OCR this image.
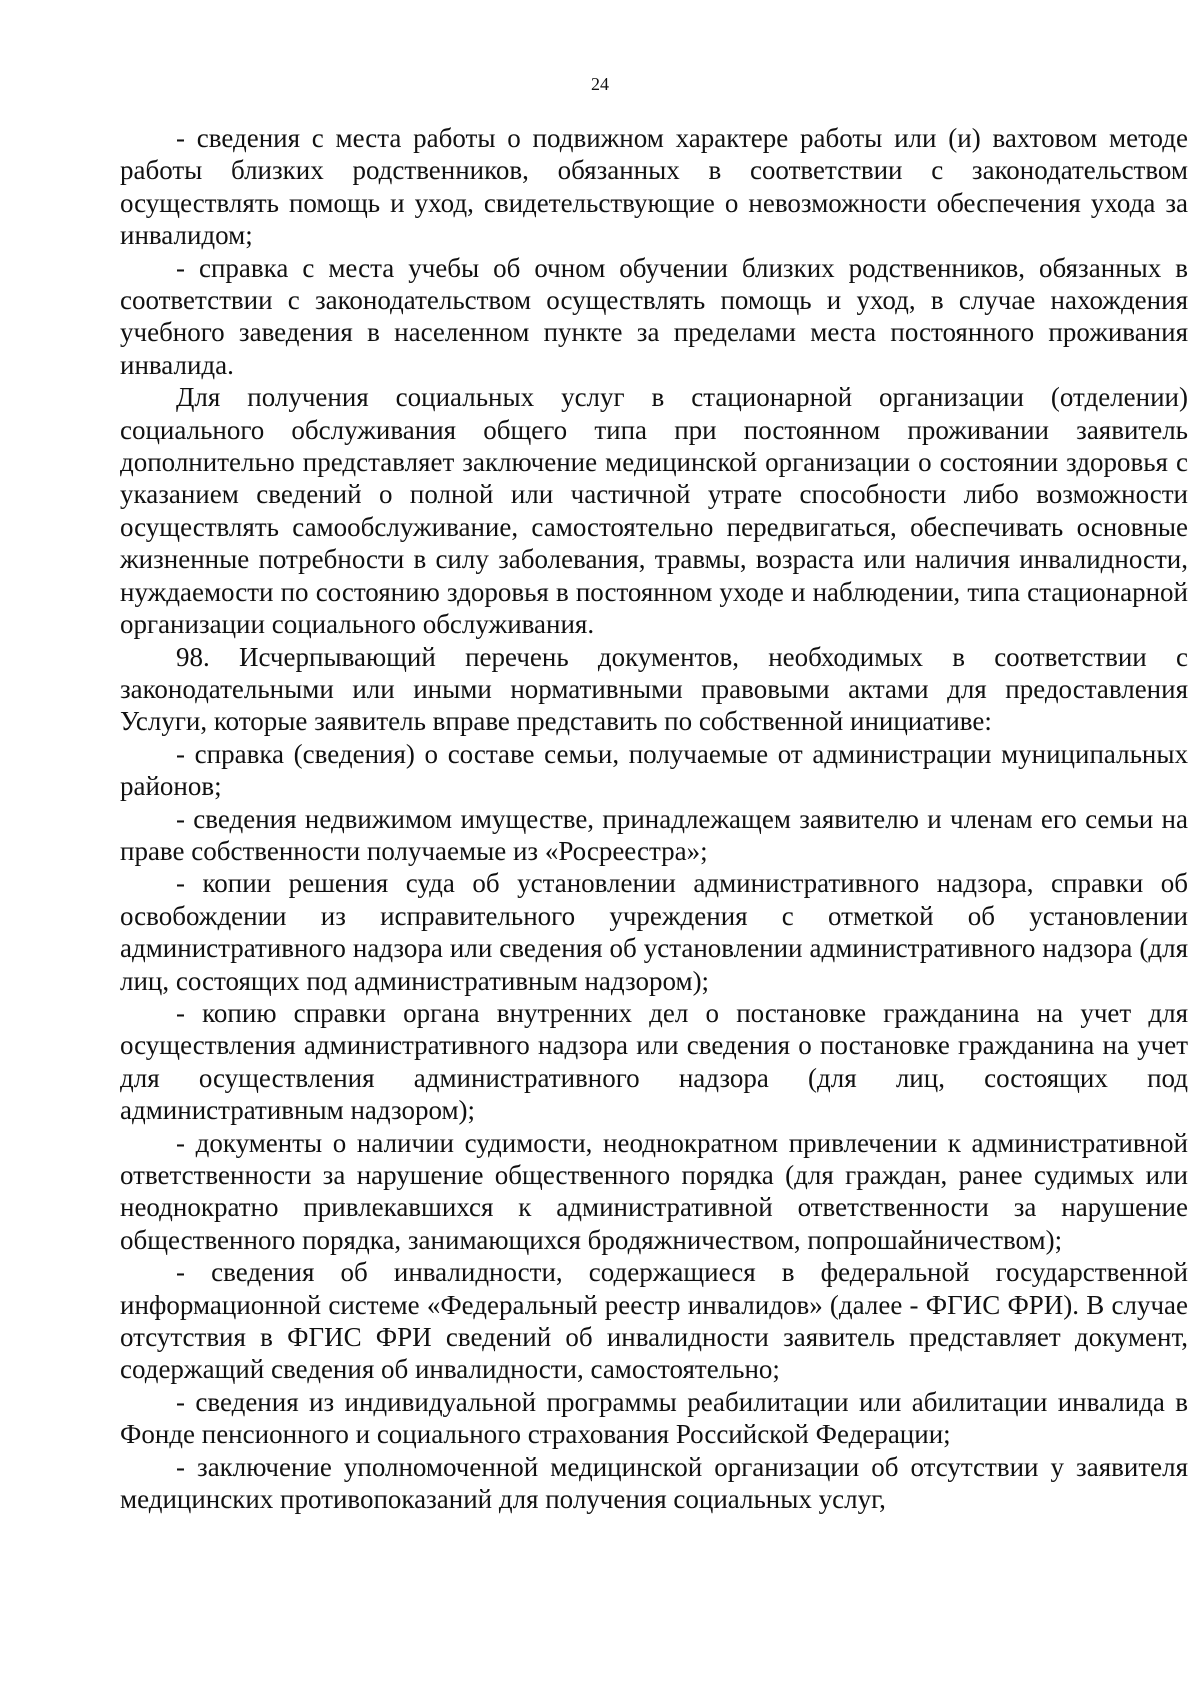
24

- сведения с места работы о подвижном характере работы или (и) вахтовом методе работы близких родственников, обязанных в соответствии с законодательством осуществлять помощь и уход, свидетельствующие о невозможности обеспечения ухода за инвалидом;

- справка с места учебы об очном обучении близких родственников, обязанных в соответствии с законодательством осуществлять помощь и уход, в случае нахождения учебного заведения в населенном пункте за пределами места постоянного проживания инвалида.

Для получения социальных услуг в стационарной организации (отделении) социального обслуживания общего типа при постоянном проживании заявитель дополнительно представляет заключение медицинской организации о состоянии здоровья с указанием сведений о полной или частичной утрате способности либо возможности осуществлять самообслуживание, самостоятельно передвигаться, обеспечивать основные жизненные потребности в силу заболевания, травмы, возраста или наличия инвалидности, нуждаемости по состоянию здоровья в постоянном уходе и наблюдении, типа стационарной организации социального обслуживания.

98. Исчерпывающий перечень документов, необходимых в соответствии с законодательными или иными нормативными правовыми актами для предоставления Услуги, которые заявитель вправе представить по собственной инициативе:

- справка (сведения) о составе семьи, получаемые от администрации муниципальных районов;

- сведения недвижимом имуществе, принадлежащем заявителю и членам его семьи на праве собственности получаемые из «Росреестра»;

- копии решения суда об установлении административного надзора, справки об освобождении из исправительного учреждения с отметкой об установлении административного надзора или сведения об установлении административного надзора (для лиц, состоящих под административным надзором);

- копию справки органа внутренних дел о постановке гражданина на учет для осуществления административного надзора или сведения о постановке гражданина на учет для осуществления административного надзора (для лиц, состоящих под административным надзором);

- документы о наличии судимости, неоднократном привлечении к административной ответственности за нарушение общественного порядка (для граждан, ранее судимых или неоднократно привлекавшихся к административной ответственности за нарушение общественного порядка, занимающихся бродяжничеством, попрошайничеством);

- сведения об инвалидности, содержащиеся в федеральной государственной информационной системе «Федеральный реестр инвалидов» (далее - ФГИС ФРИ). В случае отсутствия в ФГИС ФРИ сведений об инвалидности заявитель представляет документ, содержащий сведения об инвалидности, самостоятельно;

- сведения из индивидуальной программы реабилитации или абилитации инвалида в Фонде пенсионного и социального страхования Российской Федерации;

- заключение уполномоченной медицинской организации об отсутствии у заявителя медицинских противопоказаний для получения социальных услуг,
